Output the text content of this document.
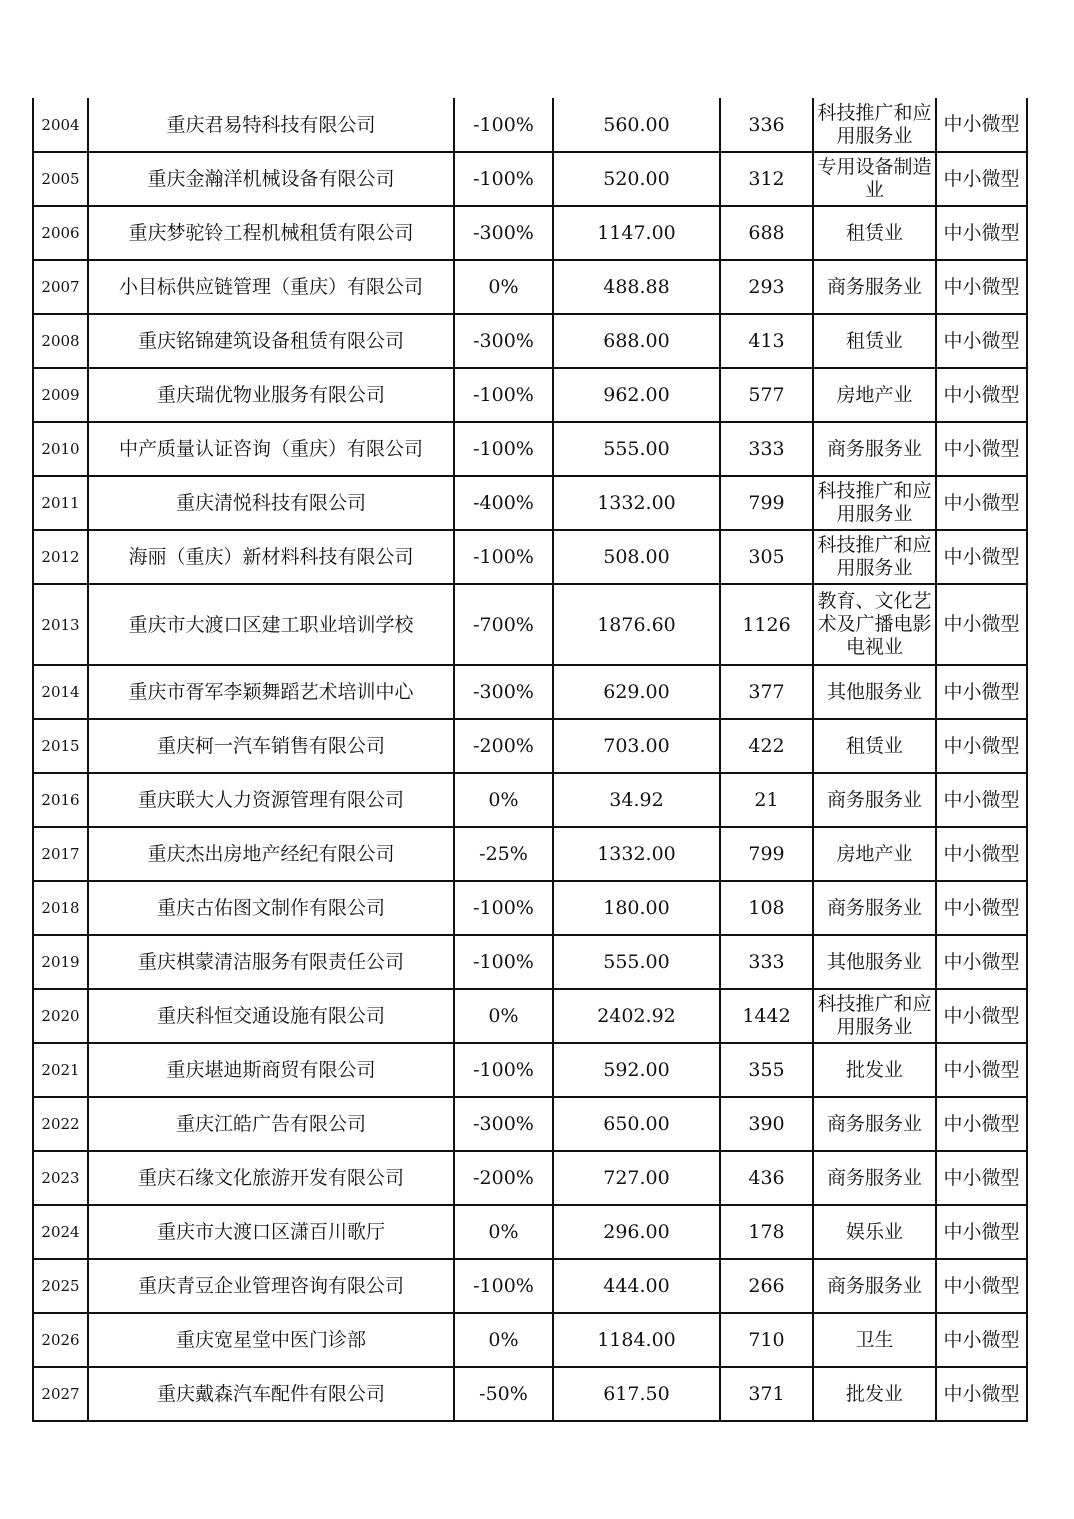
2004	重庆君易特科技有限公司	-100%	560.00	336	科技推广和应用服务业	中小微型
2005	重庆金瀚洋机械设备有限公司	-100%	520.00	312	专用设备制造业	中小微型
2006	重庆梦驼铃工程机械租赁有限公司	-300%	1147.00	688	租赁业	中小微型
2007	小目标供应链管理（重庆）有限公司	0%	488.88	293	商务服务业	中小微型
2008	重庆铭锦建筑设备租赁有限公司	-300%	688.00	413	租赁业	中小微型
2009	重庆瑞优物业服务有限公司	-100%	962.00	577	房地产业	中小微型
2010	中产质量认证咨询（重庆）有限公司	-100%	555.00	333	商务服务业	中小微型
2011	重庆清悦科技有限公司	-400%	1332.00	799	科技推广和应用服务业	中小微型
2012	海丽（重庆）新材料科技有限公司	-100%	508.00	305	科技推广和应用服务业	中小微型
2013	重庆市大渡口区建工职业培训学校	-700%	1876.60	1126	教育、文化艺术及广播电影电视业	中小微型
2014	重庆市胥军李颖舞蹈艺术培训中心	-300%	629.00	377	其他服务业	中小微型
2015	重庆柯一汽车销售有限公司	-200%	703.00	422	租赁业	中小微型
2016	重庆联大人力资源管理有限公司	0%	34.92	21	商务服务业	中小微型
2017	重庆杰出房地产经纪有限公司	-25%	1332.00	799	房地产业	中小微型
2018	重庆古佑图文制作有限公司	-100%	180.00	108	商务服务业	中小微型
2019	重庆棋蒙清洁服务有限责任公司	-100%	555.00	333	其他服务业	中小微型
2020	重庆科恒交通设施有限公司	0%	2402.92	1442	科技推广和应用服务业	中小微型
2021	重庆堪迪斯商贸有限公司	-100%	592.00	355	批发业	中小微型
2022	重庆江皓广告有限公司	-300%	650.00	390	商务服务业	中小微型
2023	重庆石缘文化旅游开发有限公司	-200%	727.00	436	商务服务业	中小微型
2024	重庆市大渡口区潇百川歌厅	0%	296.00	178	娱乐业	中小微型
2025	重庆青豆企业管理咨询有限公司	-100%	444.00	266	商务服务业	中小微型
2026	重庆宽星堂中医门诊部	0%	1184.00	710	卫生	中小微型
2027	重庆戴森汽车配件有限公司	-50%	617.50	371	批发业	中小微型
